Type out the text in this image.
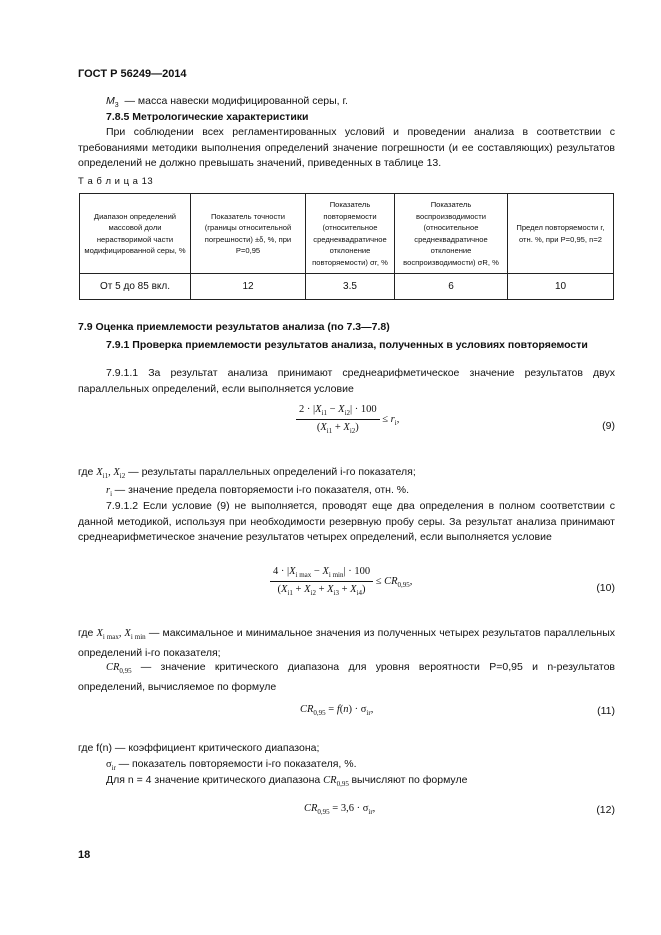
ГОСТ Р 56249—2014
$M_3$ — масса навески модифицированной серы, г.
7.8.5 Метрологические характеристики
При соблюдении всех регламентированных условий и проведении анализа в соответствии с требованиями методики выполнения определений значение погрешности (и ее составляющих) результатов определений не должно превышать значений, приведенных в таблице 13.
Т а б л и ц а 13
Диапазон определений массовой доли нерастворимой части модифицированной серы, %	Показатель точности (границы относительной погрешности) ±δ, %, при P=0,95	Показатель повторяемости (относительное среднеквадратичное отклонение повторяемости) σr, %	Показатель воспроизводимости (относительное среднеквадратичное отклонение воспроизводимости) σR, %	Предел повторяемости r, отн. %, при P=0,95, n=2
От 5 до 85 вкл.	12	3.5	6	10
7.9 Оценка приемлемости результатов анализа (по 7.3—7.8)
7.9.1 Проверка приемлемости результатов анализа, полученных в условиях повторяемости
7.9.1.1 За результат анализа принимают среднеарифметическое значение результатов двух параллельных определений, если выполняется условие
$\frac{2 \cdot |X_{i1} - X_{i2}| \cdot 100}{(X_{i1} + X_{i2})} \le r_i$,
(9)
где $X_{i1}$, $X_{i2}$ — результаты параллельных определений i-го показателя;
$r_i$ — значение предела повторяемости i-го показателя, отн. %.
7.9.1.2 Если условие (9) не выполняется, проводят еще два определения в полном соответствии с данной методикой, используя при необходимости резервную пробу серы. За результат анализа принимают среднеарифметическое значение результатов четырех определений, если выполняется условие
$\frac{4 \cdot |X_{i max} - X_{i min}| \cdot 100}{(X_{i1} + X_{i2} + X_{i3} + X_{i4})} \le CR_{0,95}$,
(10)
где $X_{i max}$, $X_{i min}$ — максимальное и минимальное значения из полученных четырех результатов параллельных определений i-го показателя;
$CR_{0,95}$ — значение критического диапазона для уровня вероятности P=0,95 и n-результатов определений, вычисляемое по формуле
$CR_{0,95} = f(n) \cdot \sigma_{ir}$,	(11)
где f(n) — коэффициент критического диапазона;
$\sigma_{ir}$ — показатель повторяемости i-го показателя, %.
Для n = 4 значение критического диапазона $CR_{0,95}$ вычисляют по формуле
$CR_{0,95} = 3,6 \cdot \sigma_{ir}$,	(12)
18
